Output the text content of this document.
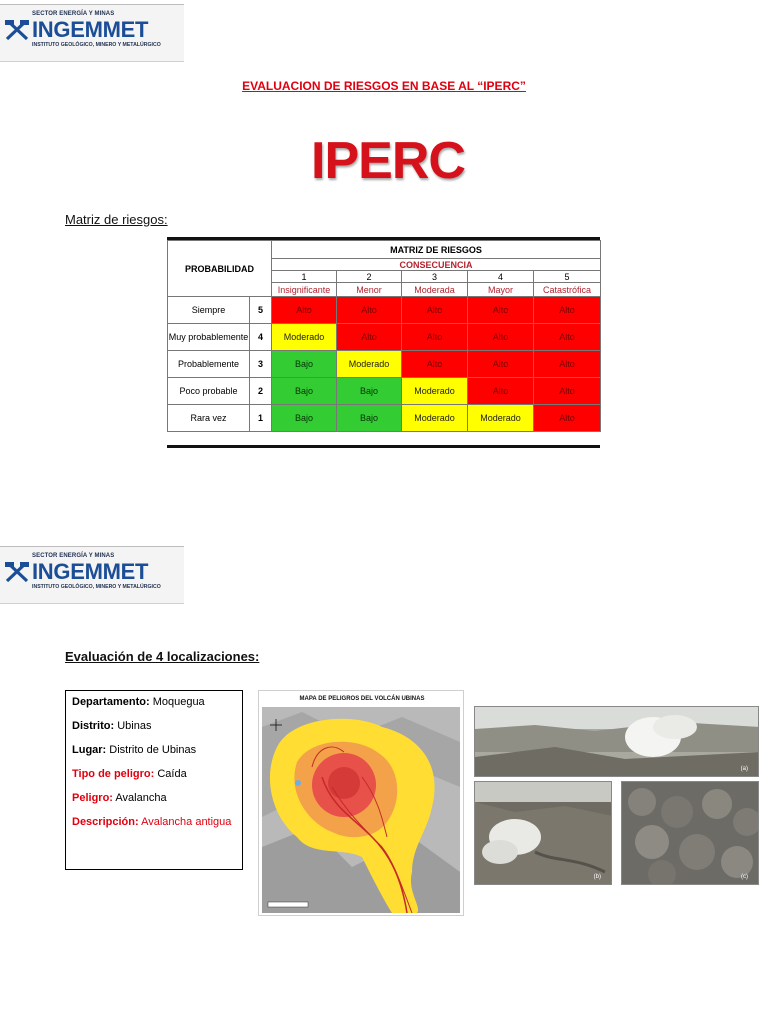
SECTOR ENERGÍA Y MINAS
INGEMMET
INSTITUTO GEOLÓGICO, MINERO Y METALÚRGICO
EVALUACION DE RIESGOS EN BASE AL “IPERC”
IPERC
Matriz de riesgos:
PROBABILIDAD		MATRIZ DE RIESGOS				
		CONSECUENCIA				
		1	2	3	4	5
		Insignificante	Menor	Moderada	Mayor	Catastrófica
Siempre	5	Alto	Alto	Alto	Alto	Alto
Muy probablemente	4	Moderado	Alto	Alto	Alto	Alto
Probablemente	3	Bajo	Moderado	Alto	Alto	Alto
Poco probable	2	Bajo	Bajo	Moderado	Alto	Alto
Rara vez	1	Bajo	Bajo	Moderado	Moderado	Alto
SECTOR ENERGÍA Y MINAS
INGEMMET
INSTITUTO GEOLÓGICO, MINERO Y METALÚRGICO
Evaluación de 4 localizaciones:
Departamento: Moquegua
Distrito: Ubinas
Lugar: Distrito de Ubinas
Tipo de peligro: Caída
Peligro: Avalancha
Descripción: Avalancha antigua
MAPA DE PELIGROS DEL VOLCÁN UBINAS
(a)
(b)	(c)
